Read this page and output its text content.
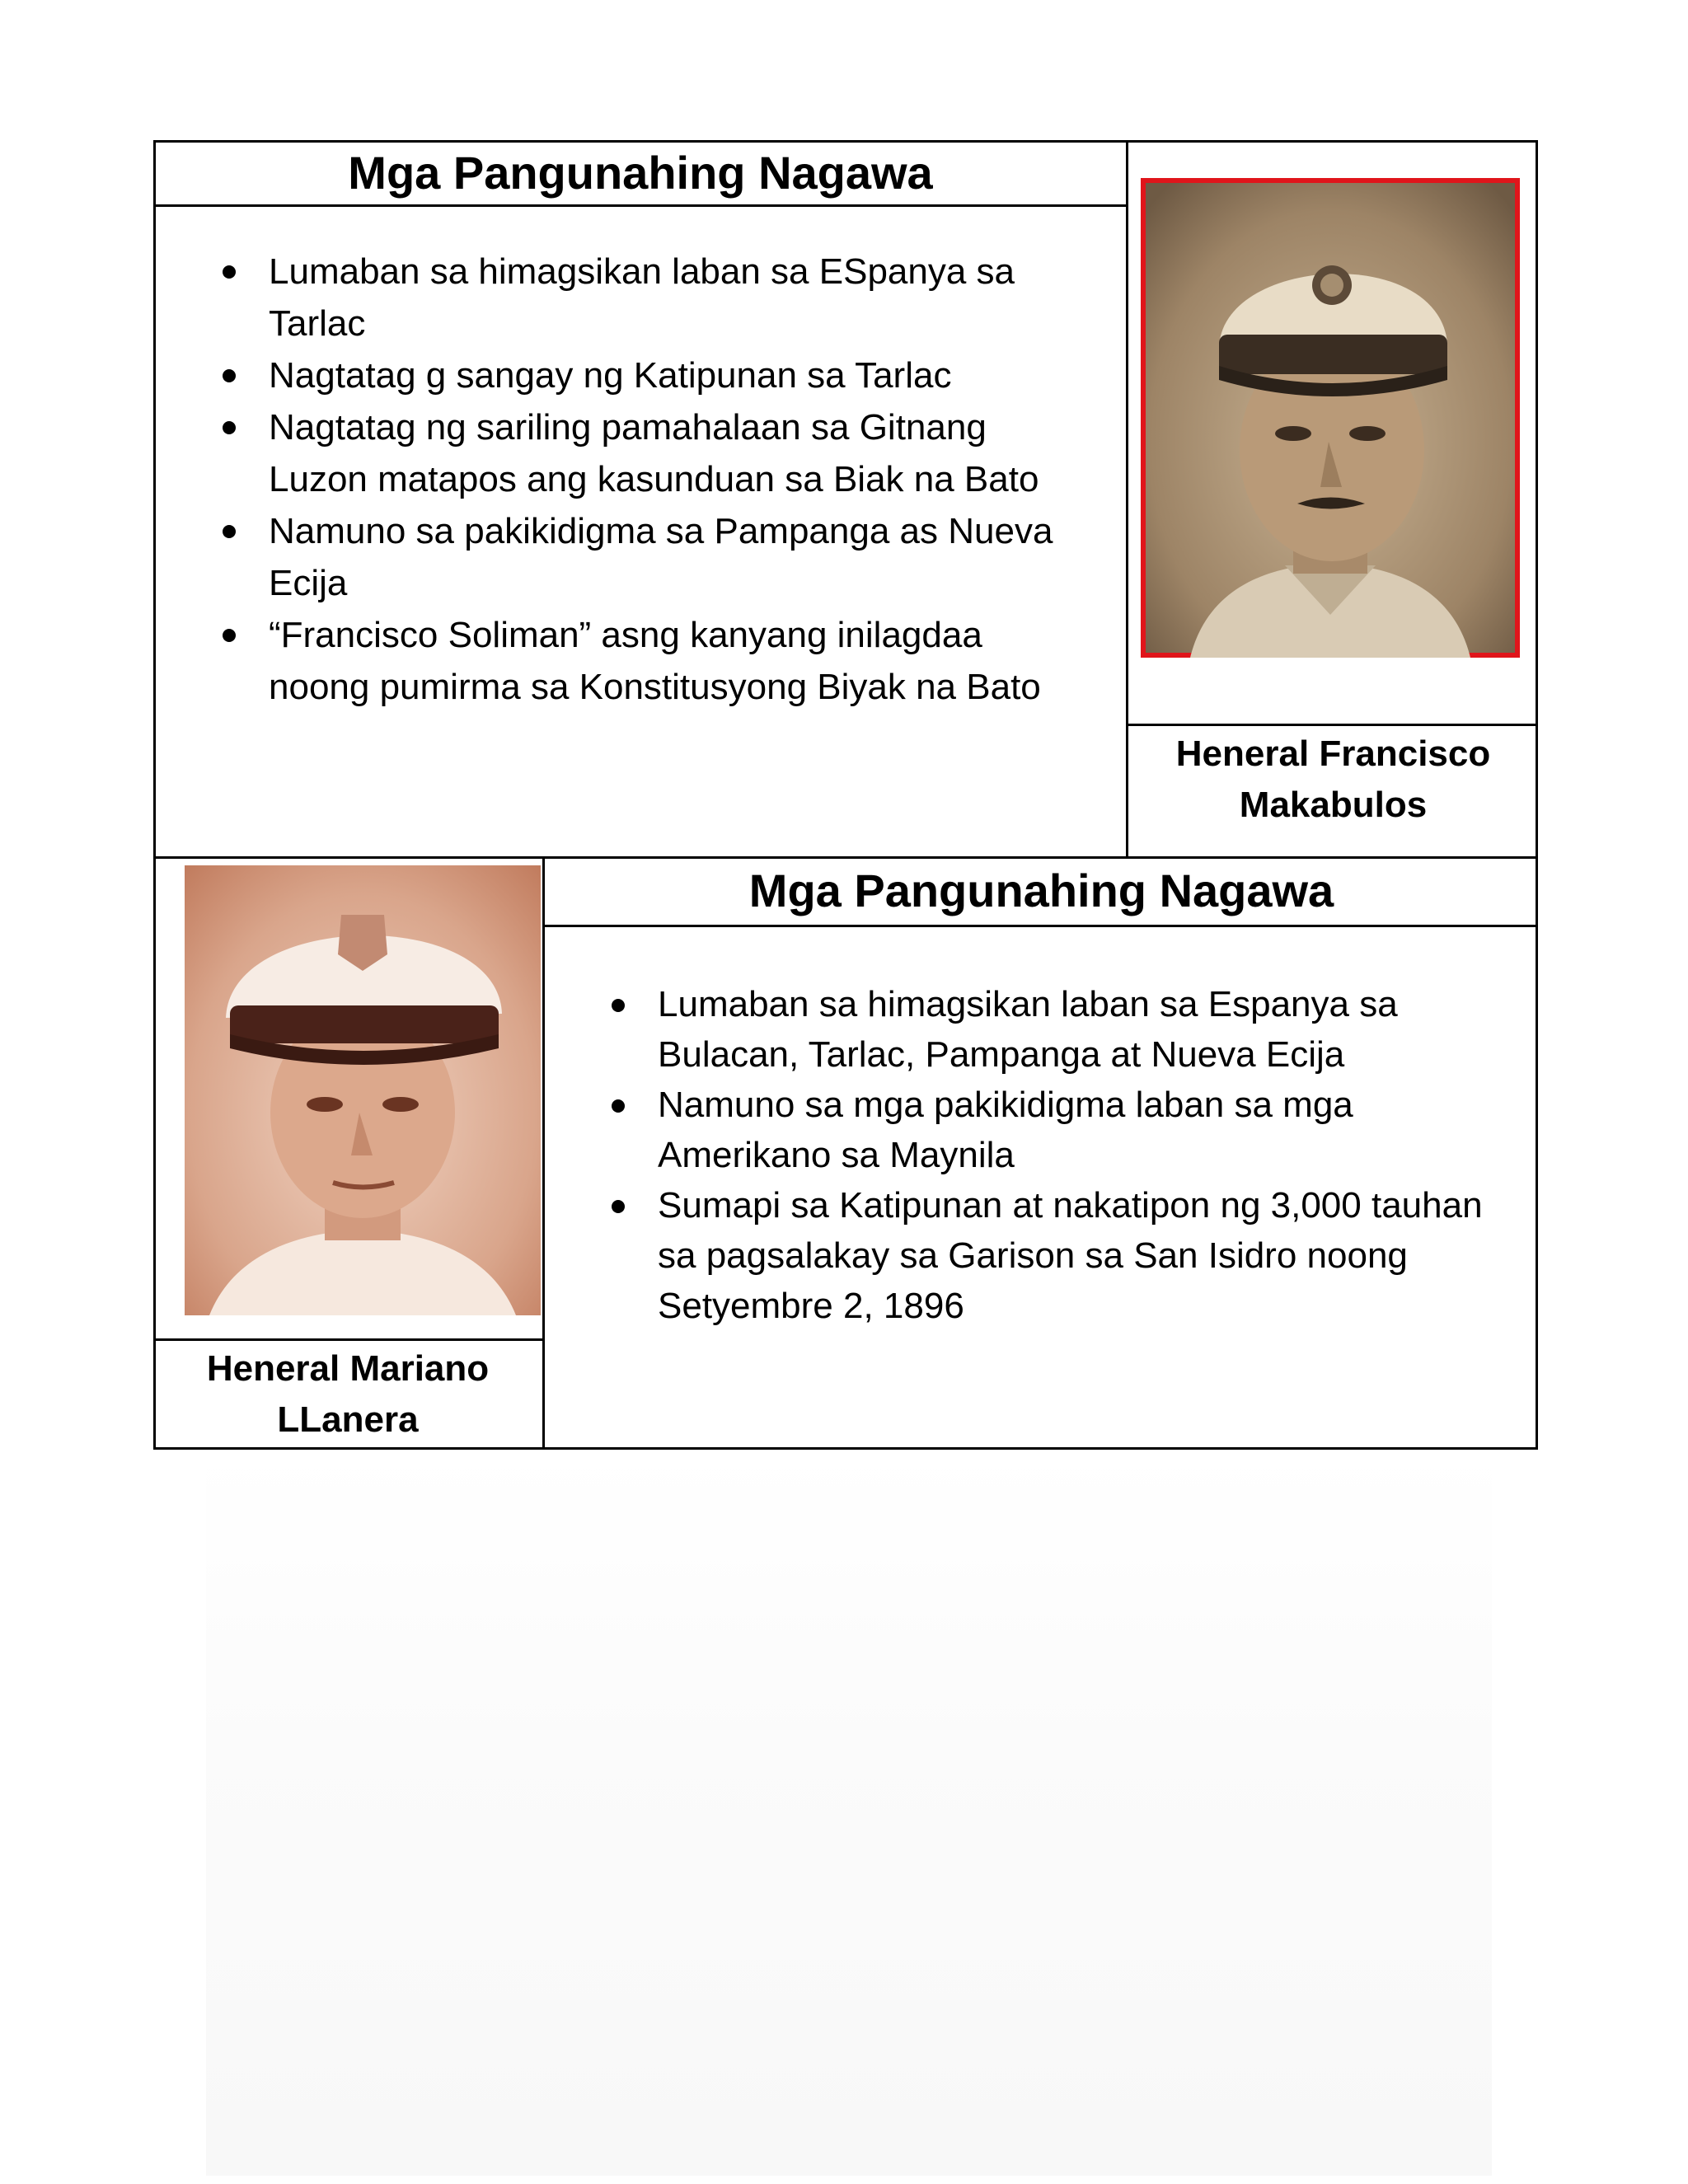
Mga Pangunahing Nagawa
Lumaban sa himagsikan laban sa ESpanya sa Tarlac
Nagtatag g sangay ng Katipunan sa Tarlac
Nagtatag ng sariling pamahalaan sa Gitnang Luzon matapos ang kasunduan sa Biak na Bato
Namuno sa pakikidigma sa Pampanga as Nueva Ecija
“Francisco Soliman” asng kanyang inilagdaa noong pumirma sa Konstitusyong Biyak na Bato
Heneral Francisco
Makabulos
Heneral Mariano
LLanera
Mga Pangunahing Nagawa
Lumaban sa himagsikan laban sa Espanya sa Bulacan, Tarlac, Pampanga at Nueva Ecija
Namuno sa mga pakikidigma laban sa mga Amerikano sa Maynila
Sumapi sa Katipunan at nakatipon ng 3,000 tauhan sa pagsalakay sa Garison sa San Isidro noong Setyembre 2, 1896
